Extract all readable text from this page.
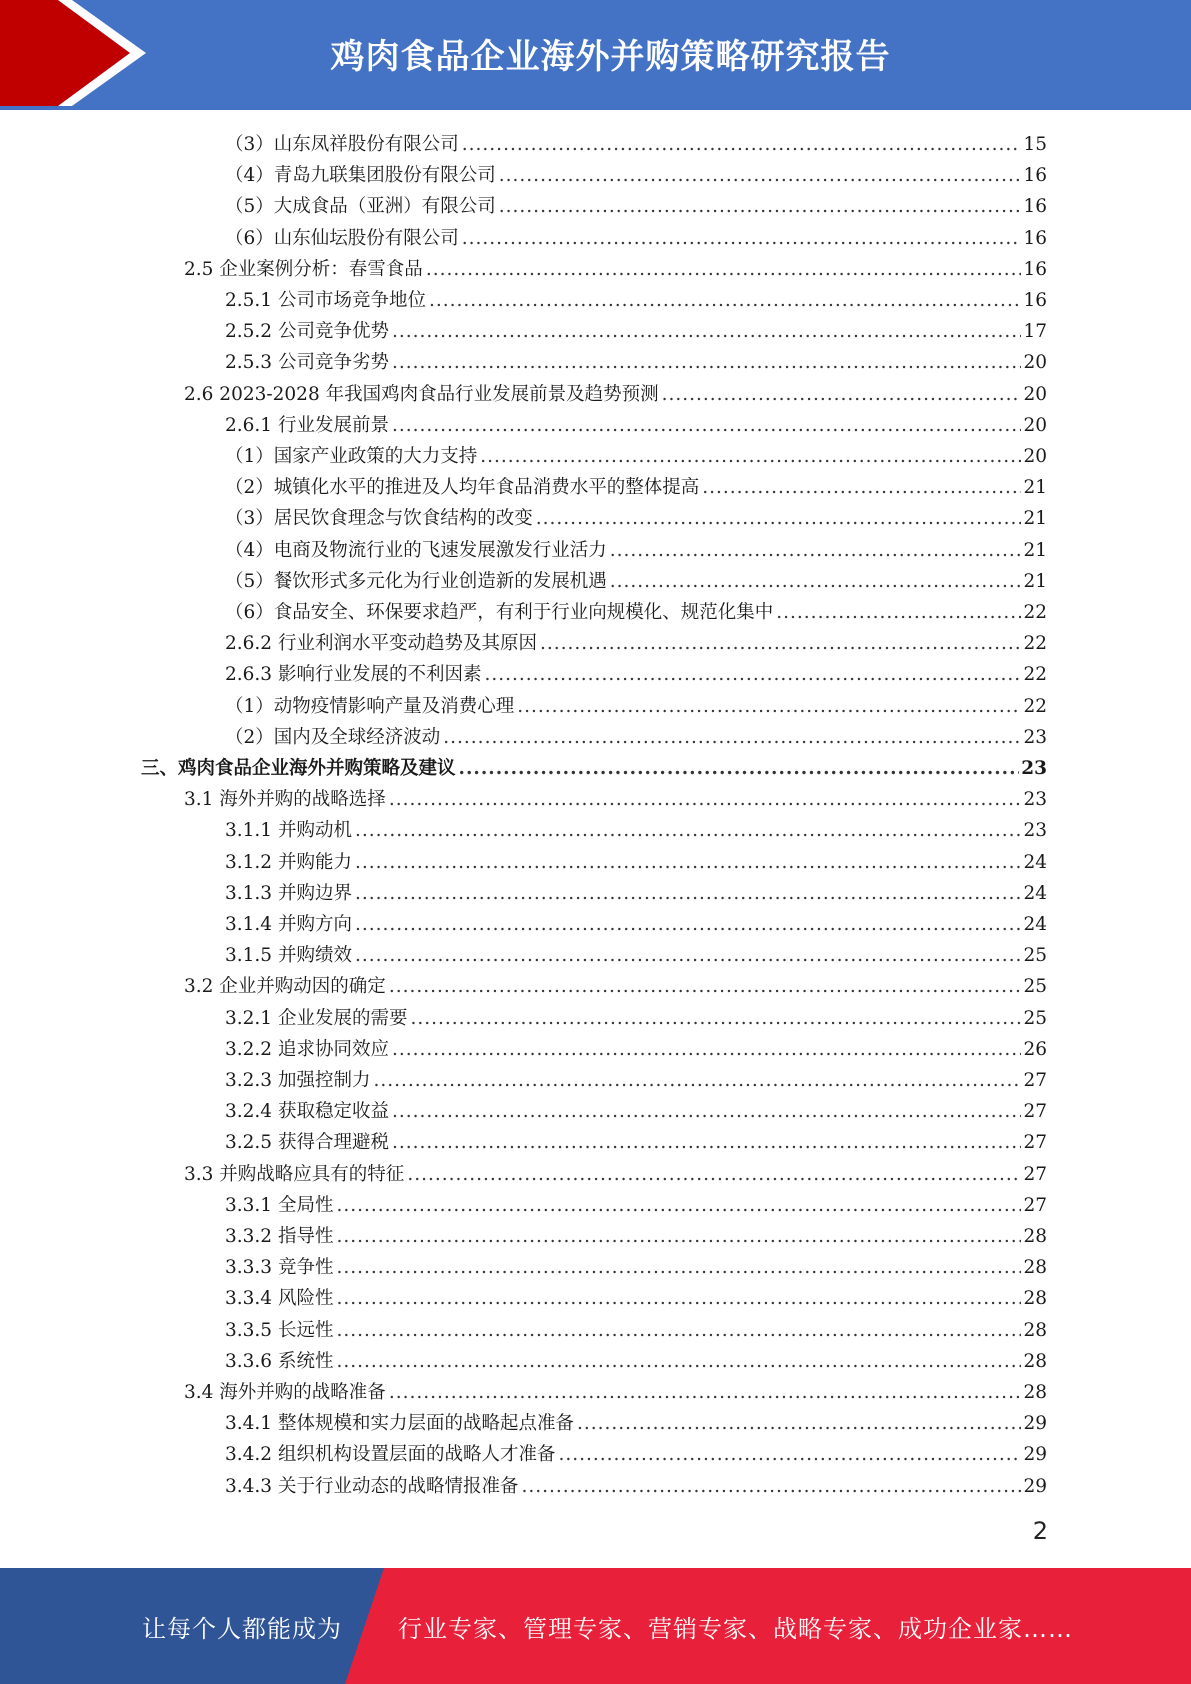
鸡肉食品企业海外并购策略研究报告
（3）山东凤祥股份有限公司 .....	15
（4）青岛九联集团股份有限公司 .....	16
（5）大成食品（亚洲）有限公司 .....	16
（6）山东仙坛股份有限公司 .....	16
2.5 企业案例分析：春雪食品 .....	16
2.5.1 公司市场竞争地位 .....	16
2.5.2 公司竞争优势 .....	17
2.5.3 公司竞争劣势 .....	20
2.6 2023-2028 年我国鸡肉食品行业发展前景及趋势预测 .....	20
2.6.1 行业发展前景 .....	20
（1）国家产业政策的大力支持 .....	20
（2）城镇化水平的推进及人均年食品消费水平的整体提高 .....	21
（3）居民饮食理念与饮食结构的改变 .....	21
（4）电商及物流行业的飞速发展激发行业活力 .....	21
（5）餐饮形式多元化为行业创造新的发展机遇 .....	21
（6）食品安全、环保要求趋严，有利于行业向规模化、规范化集中 .....	22
2.6.2 行业利润水平变动趋势及其原因 .....	22
2.6.3 影响行业发展的不利因素 .....	22
（1）动物疫情影响产量及消费心理 .....	22
（2）国内及全球经济波动 .....	23
三、鸡肉食品企业海外并购策略及建议 .....	23
3.1 海外并购的战略选择 .....	23
3.1.1 并购动机 .....	23
3.1.2 并购能力 .....	24
3.1.3 并购边界 .....	24
3.1.4 并购方向 .....	24
3.1.5 并购绩效 .....	25
3.2 企业并购动因的确定 .....	25
3.2.1 企业发展的需要 .....	25
3.2.2 追求协同效应 .....	26
3.2.3 加强控制力 .....	27
3.2.4 获取稳定收益 .....	27
3.2.5 获得合理避税 .....	27
3.3 并购战略应具有的特征 .....	27
3.3.1 全局性 .....	27
3.3.2 指导性 .....	28
3.3.3 竞争性 .....	28
3.3.4 风险性 .....	28
3.3.5 长远性 .....	28
3.3.6 系统性 .....	28
3.4 海外并购的战略准备 .....	28
3.4.1 整体规模和实力层面的战略起点准备 .....	29
3.4.2 组织机构设置层面的战略人才准备 .....	29
3.4.3 关于行业动态的战略情报准备 .....	29
2
让每个人都能成为 行业专家、管理专家、营销专家、战略专家、成功企业家……
